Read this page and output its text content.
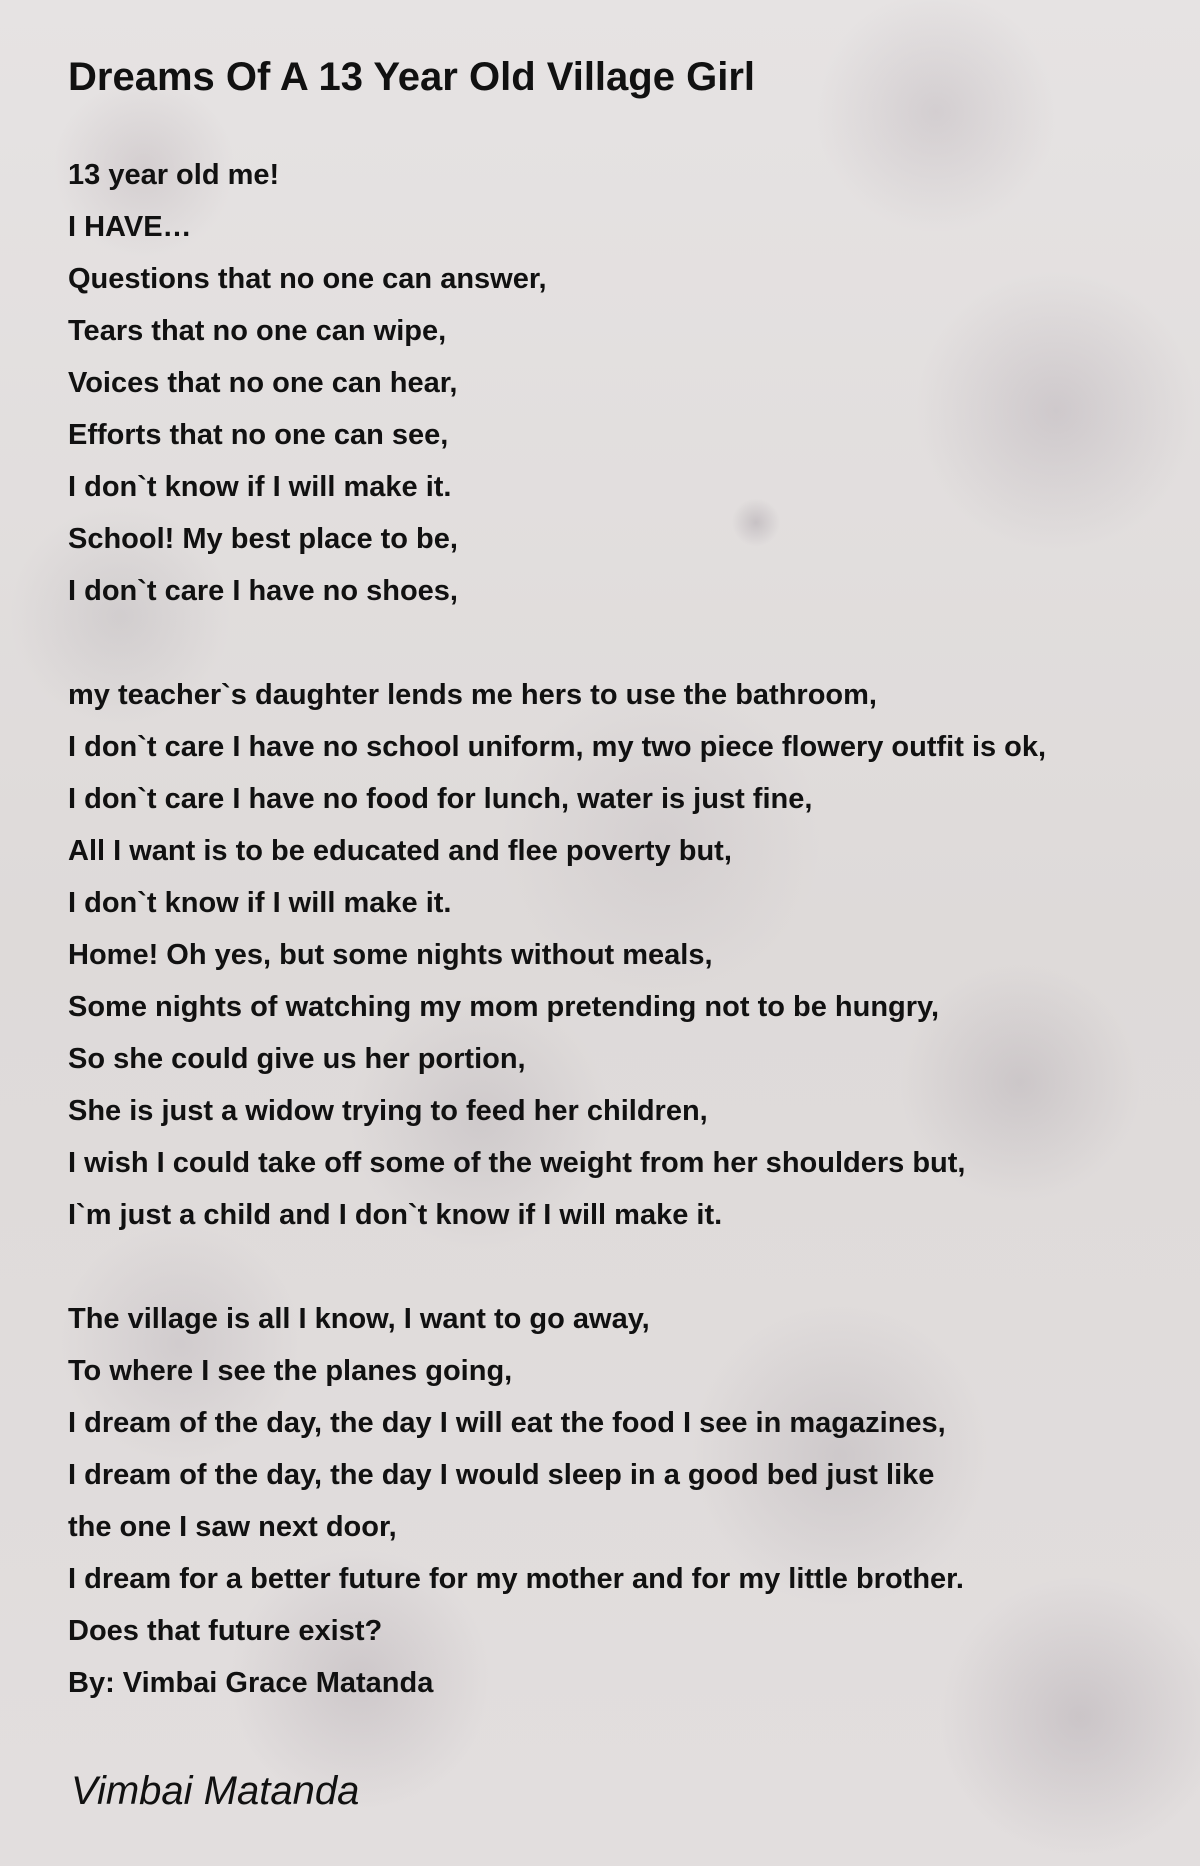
Dreams Of A 13 Year Old Village Girl
13 year old me!
I HAVE…
Questions that no one can answer,
Tears that no one can wipe,
Voices that no one can hear,
Efforts that no one can see,
I don`t know if I will make it.
School! My best place to be,
I don`t care I have no shoes,
my teacher`s daughter lends me hers to use the bathroom,
I don`t care I have no school uniform, my two piece flowery outfit is ok,
I don`t care I have no food for lunch, water is just fine,
All I want is to be educated and flee poverty but,
I don`t know if I will make it.
Home! Oh yes, but some nights without meals,
Some nights of watching my mom pretending not to be hungry,
So she could give us her portion,
She is just a widow trying to feed her children,
I wish I could take off some of the weight from her shoulders but,
I`m just a child and I don`t know if I will make it.
The village is all I know, I want to go away,
To where I see the planes going,
I dream of the day, the day I will eat the food I see in magazines,
I dream of the day, the day I would sleep in a good bed just like
the one I saw next door,
I dream for a better future for my mother and for my little brother.
Does that future exist?
By: Vimbai Grace Matanda
Vimbai Matanda
